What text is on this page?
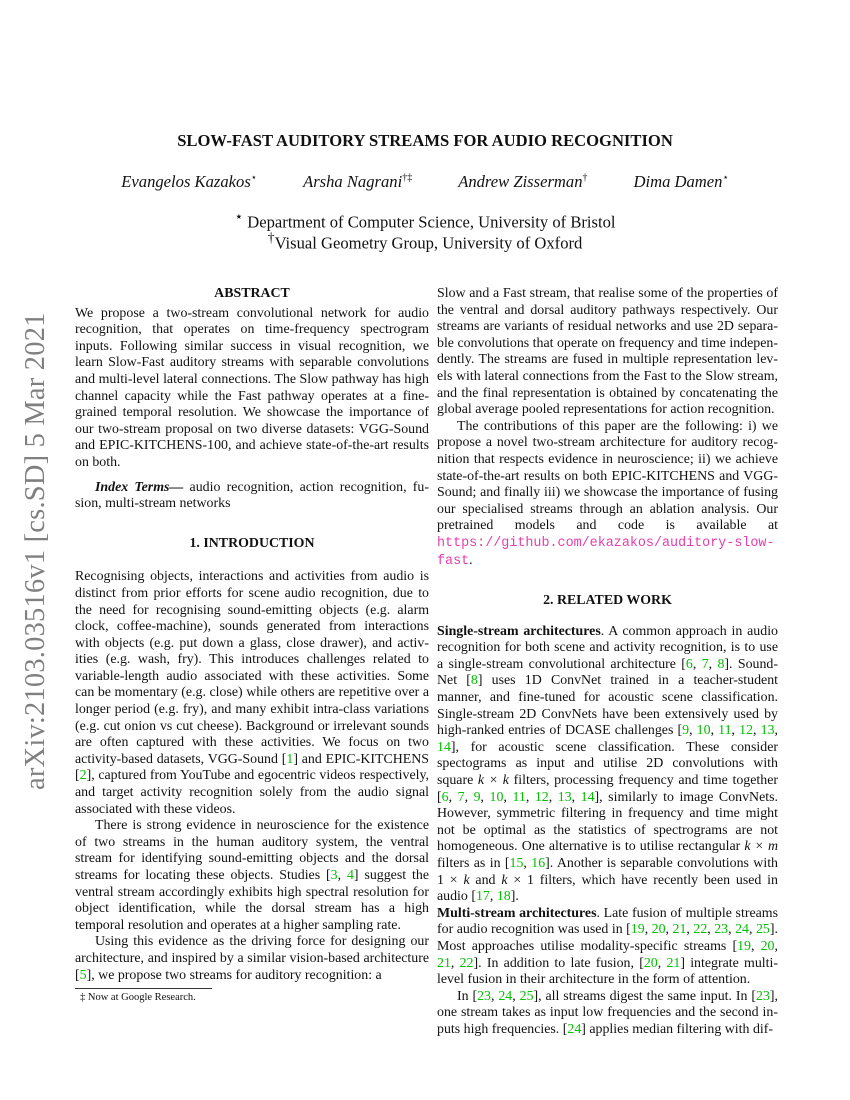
arXiv:2103.03516v1 [cs.SD] 5 Mar 2021
SLOW-FAST AUDITORY STREAMS FOR AUDIO RECOGNITION
Evangelos Kazakos⋆	Arsha Nagrani†‡	Andrew Zisserman†	Dima Damen⋆
⋆ Department of Computer Science, University of Bristol
†Visual Geometry Group, University of Oxford
ABSTRACT

We propose a two-stream convolutional network for audio recognition, that operates on time-frequency spectrogram inputs. Following similar success in visual recognition, we learn Slow-Fast auditory streams with separable convolutions and multi-level lateral connections. The Slow pathway has high channel capacity while the Fast pathway operates at a fine-grained temporal resolution. We showcase the importance of our two-stream proposal on two diverse datasets: VGG-Sound and EPIC-KITCHENS-100, and achieve state-of-the-art results on both.

Index Terms— audio recognition, action recognition, fusion, multi-stream networks

1. INTRODUCTION

Recognising objects, interactions and activities from audio is distinct from prior efforts for scene audio recognition, due to the need for recognising sound-emitting objects (e.g. alarm clock, coffee-machine), sounds generated from interactions with objects (e.g. put down a glass, close drawer), and activities (e.g. wash, fry). This introduces challenges related to variable-length audio associated with these activities. Some can be momentary (e.g. close) while others are repetitive over a longer period (e.g. fry), and many exhibit intra-class variations (e.g. cut onion vs cut cheese). Background or irrelevant sounds are often captured with these activities. We focus on two activity-based datasets, VGG-Sound [1] and EPIC-KITCHENS [2], captured from YouTube and egocentric videos respectively, and target activity recognition solely from the audio signal associated with these videos.

There is strong evidence in neuroscience for the existence of two streams in the human auditory system, the ventral stream for identifying sound-emitting objects and the dorsal streams for locating these objects. Studies [3, 4] suggest the ventral stream accordingly exhibits high spectral resolution for object identification, while the dorsal stream has a high temporal resolution and operates at a higher sampling rate.

Using this evidence as the driving force for designing our architecture, and inspired by a similar vision-based architecture [5], we propose two streams for auditory recognition: a

Slow and a Fast stream, that realise some of the properties of the ventral and dorsal auditory pathways respectively. Our streams are variants of residual networks and use 2D separable convolutions that operate on frequency and time independently. The streams are fused in multiple representation levels with lateral connections from the Fast to the Slow stream, and the final representation is obtained by concatenating the global average pooled representations for action recognition.

The contributions of this paper are the following: i) we propose a novel two-stream architecture for auditory recognition that respects evidence in neuroscience; ii) we achieve state-of-the-art results on both EPIC-KITCHENS and VGG-Sound; and finally iii) we showcase the importance of fusing our specialised streams through an ablation analysis. Our pretrained models and code is available at https://github.​com/ekazakos/auditory-slow-fast.

2. RELATED WORK

Single-stream architectures. A common approach in audio recognition for both scene and activity recognition, is to use a single-stream convolutional architecture [6, 7, 8]. SoundNet [8] uses 1D ConvNet trained in a teacher-student manner, and fine-tuned for acoustic scene classification. Single-stream 2D ConvNets have been extensively used by high-ranked entries of DCASE challenges [9, 10, 11, 12, 13, 14], for acoustic scene classification. These consider spectograms as input and utilise 2D convolutions with square k × k filters, processing frequency and time together [6, 7, 9, 10, 11, 12, 13, 14], similarly to image ConvNets. However, symmetric filtering in frequency and time might not be optimal as the statistics of spectrograms are not homogeneous. One alternative is to utilise rectangular k × m filters as in [15, 16]. Another is separable convolutions with 1 × k and k × 1 filters, which have recently been used in audio [17, 18].

Multi-stream architectures. Late fusion of multiple streams for audio recognition was used in [19, 20, 21, 22, 23, 24, 25]. Most approaches utilise modality-specific streams [19, 20, 21, 22]. In addition to late fusion, [20, 21] integrate multi-level fusion in their architecture in the form of attention.

In [23, 24, 25], all streams digest the same input. In [23], one stream takes as input low frequencies and the second inputs high frequencies. [24] applies median filtering with dif-

‡ Now at Google Research.
